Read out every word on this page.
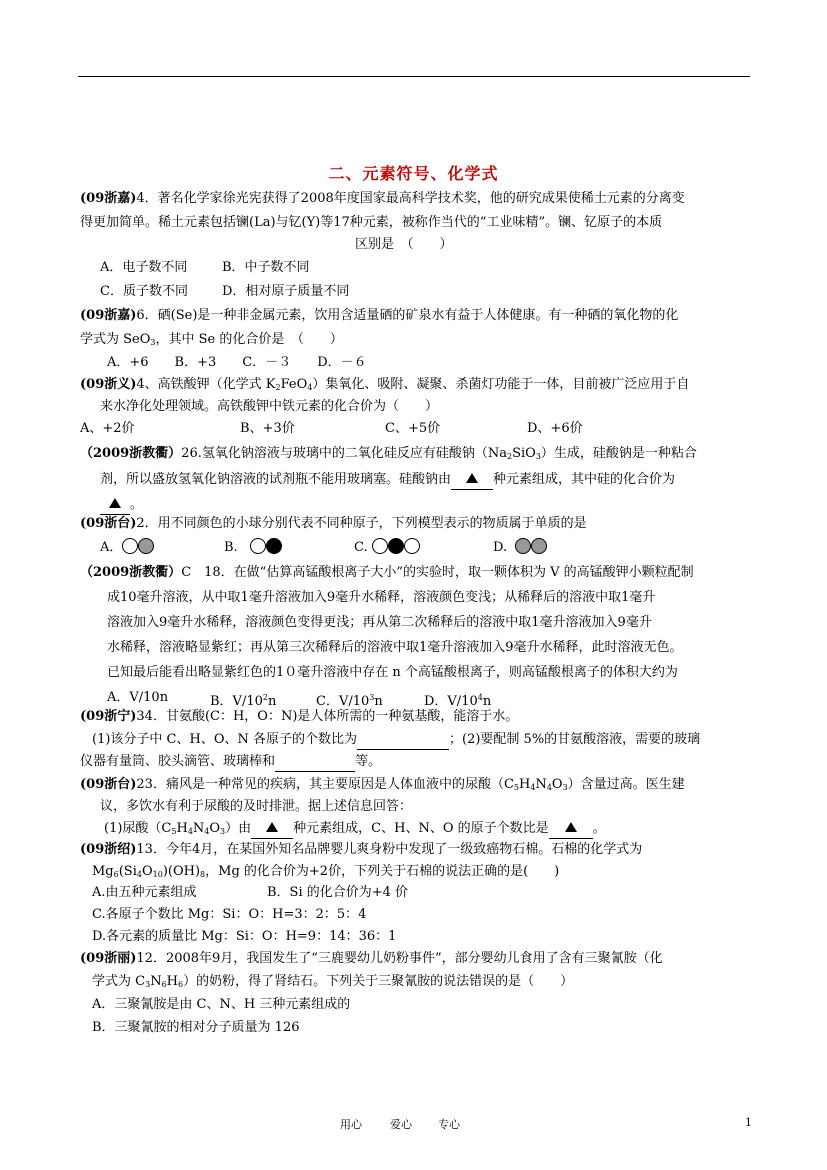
二、元素符号、化学式
(09浙嘉)4．著名化学家徐光宪获得了2008年度国家最高科学技术奖，他的研究成果使稀土元素的分离变
得更加简单。稀土元素包括镧(La)与钇(Y)等17种元素，被称作当代的“工业味精”。镧、钇原子的本质
区别是　（　　）
A．电子数不同	B．中子数不同
C．质子数不同	D．相对原子质量不同
(09浙嘉)6．硒(Se)是一种非金属元素，饮用含适量硒的矿泉水有益于人体健康。有一种硒的氧化物的化
学式为 SeO$_3$，其中 Se 的化合价是　（　　）
A．+6　　B．+3　　C．－３　　D．－６
(09浙义)4、高铁酸钾（化学式 $K_2FeO_4$）集氧化、吸附、凝聚、杀菌灯功能于一体，目前被广泛应用于自
来水净化处理领域。高铁酸钾中铁元素的化合价为（　　）
A、+2价	B、+3价	C、+5价	D、+6价
（2009浙教衢）26.氢氧化钠溶液与玻璃中的二氧化硅反应有硅酸钠$(Na_2SiO_3)$生成，硅酸钠是一种粘合
剂，所以盛放氢氧化钠溶液的试剂瓶不能用玻璃塞。硅酸钠由	种元素组成，其中硅的化合价为
。
(09浙台)2．用不同颜色的小球分别代表不同种原子，下列模型表示的物质属于单质的是
A．	B.	C.	D.
（2009浙教衢）C　18．在做“估算高锰酸根离子大小”的实验时，取一颗体积为 V 的高锰酸钾小颗粒配制
成10毫升溶液，从中取1毫升溶液加入9毫升水稀释，溶液颜色变浅；从稀释后的溶液中取1毫升
溶液加入9毫升水稀释，溶液颜色变得更浅；再从第二次稀释后的溶液中取1毫升溶液加入9毫升
水稀释，溶液略显紫红；再从第三次稀释后的溶液中取1毫升溶液加入9毫升水稀释，此时溶液无色。
已知最后能看出略显紫红色的1０毫升溶液中存在 n 个高锰酸根离子，则高锰酸根离子的体积大约为
A．V/10n	B．$V/10^2n$	C．$V/10^3n$	D．$V/10^4n$
(09浙宁)34．甘氨酸(C：H，O：N)是人体所需的一种氨基酸，能溶于水。
(1)该分子中 C、H、O、N 各原子的个数比为	；(2)要配制 5%的甘氨酸溶液，需要的玻璃
仪器有量筒、胶头滴管、玻璃棒和	等。
(09浙台)23．痛风是一种常见的疾病，其主要原因是人体血液中的尿酸$(C_5H_4N_4O_3)$含量过高。医生建
议，多饮水有利于尿酸的及时排泄。据上述信息回答：
(1)尿酸$(C_5H_4N_4O_3)$由	种元素组成，C、H、N、O 的原子个数比是	。
(09浙绍)13．今年4月，在某国外知名品牌婴儿爽身粉中发现了一级致癌物石棉。石棉的化学式为
$Mg_6(Si_4O_{10})(OH)_8$，Mg 的化合价为+2价，下列关于石棉的说法正确的是(　　)
A.由五种元素组成	B．Si 的化合价为+4 价
C.各原子个数比 Mg：Si：O：H=3：2：5：4
D.各元素的质量比 Mg：Si：O：H=9：14：36：1
(09浙丽)12．2008年9月，我国发生了“三鹿婴幼儿奶粉事件”，部分婴幼儿食用了含有三聚氰胺（化
学式为 $C_3N_6H_6$）的奶粉，得了肾结石。下列关于三聚氰胺的说法错误的是（　　）
A．三聚氰胺是由 C、N、H 三种元素组成的
B．三聚氰胺的相对分子质量为 126
用心	爱心 专心	1
